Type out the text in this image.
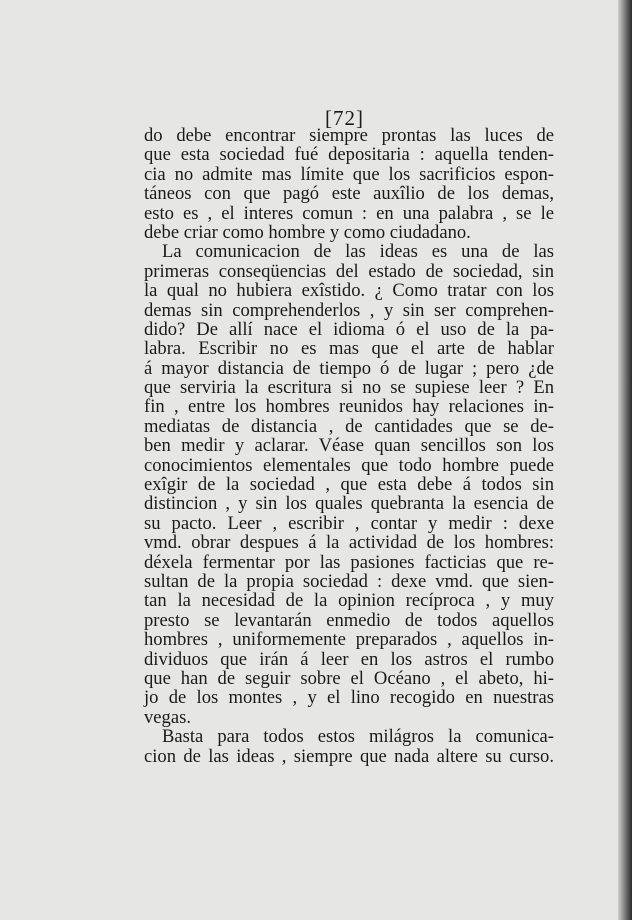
[72]
do debe encontrar siempre prontas las luces de
que esta sociedad fué depositaria : aquella tenden-
cia no admite mas límite que los sacrificios espon-
táneos con que pagó este auxîlio de los demas,
esto es , el interes comun : en una palabra , se le
debe criar como hombre y como ciudadano.
La comunicacion de las ideas es una de las
primeras conseqüencias del estado de sociedad, sin
la qual no hubiera exîstido. ¿ Como tratar con los
demas sin comprehenderlos , y sin ser comprehen-
dido? De allí nace el idioma ó el uso de la pa-
labra. Escribir no es mas que el arte de hablar
á mayor distancia de tiempo ó de lugar ; pero ¿de
que serviria la escritura si no se supiese leer ? En
fin , entre los hombres reunidos hay relaciones in-
mediatas de distancia , de cantidades que se de-
ben medir y aclarar. Véase quan sencillos son los
conocimientos elementales que todo hombre puede
exîgir de la sociedad , que esta debe á todos sin
distincion , y sin los quales quebranta la esencia de
su pacto. Leer , escribir , contar y medir : dexe
vmd. obrar despues á la actividad de los hombres:
déxela fermentar por las pasiones facticias que re-
sultan de la propia sociedad : dexe vmd. que sien-
tan la necesidad de la opinion recíproca , y muy
presto se levantarán enmedio de todos aquellos
hombres , uniformemente preparados , aquellos in-
dividuos que irán á leer en los astros el rumbo
que han de seguir sobre el Océano , el abeto, hi-
jo de los montes , y el lino recogido en nuestras
vegas.
Basta para todos estos milágros la comunica-
cion de las ideas , siempre que nada altere su curso.
